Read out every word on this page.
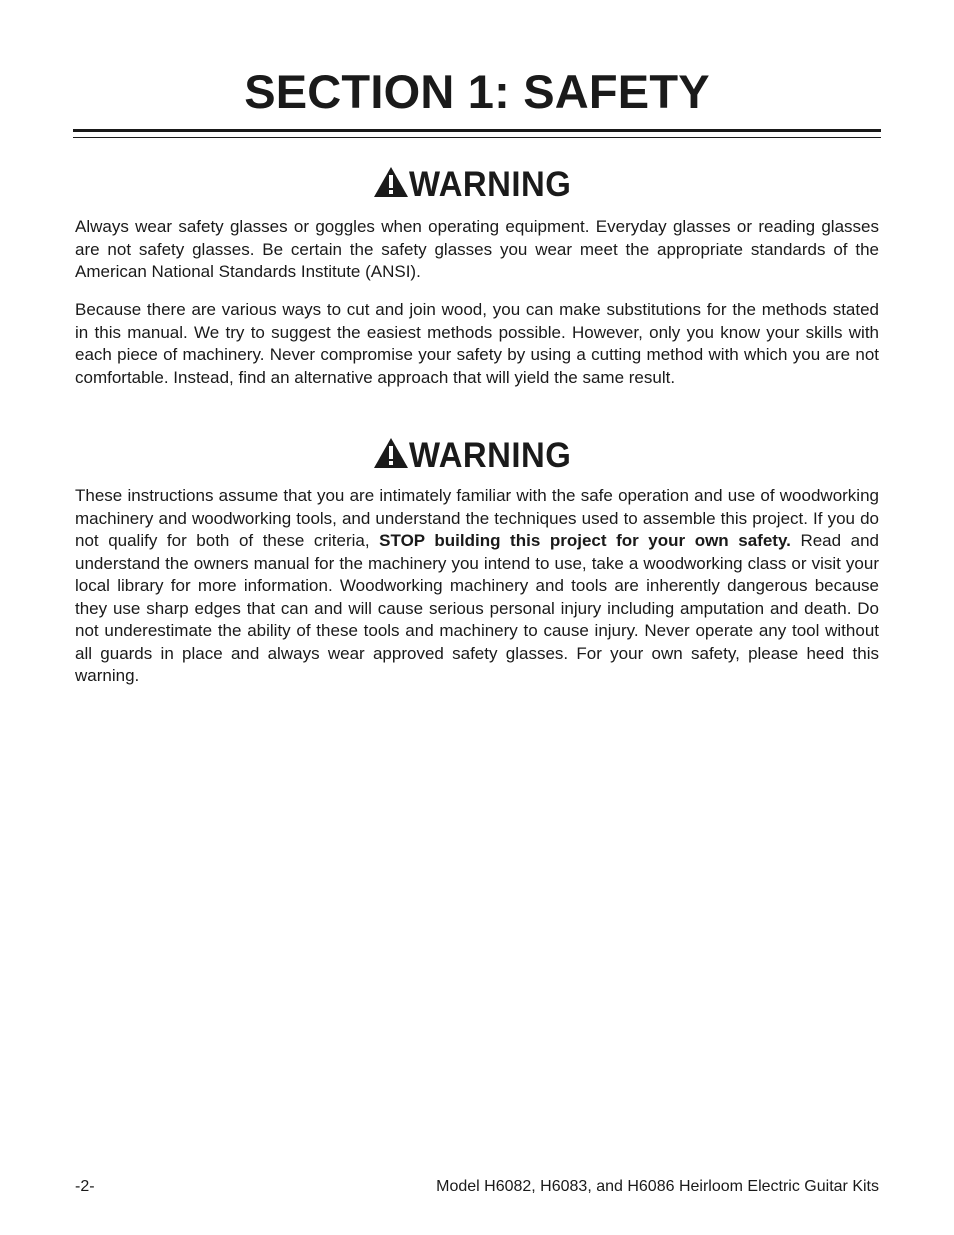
SECTION 1: SAFETY
WARNING

Always wear safety glasses or goggles when operating equipment. Everyday glasses or reading glasses are not safety glasses. Be certain the safety glasses you wear meet the appropriate standards of the American National Standards Institute (ANSI).

Because there are various ways to cut and join wood, you can make substitutions for the methods stated in this manual. We try to suggest the easiest methods possible. However, only you know your skills with each piece of machinery. Never compromise your safety by using a cutting method with which you are not comfortable. Instead, find an alternative approach that will yield the same result.

WARNING

These instructions assume that you are intimately familiar with the safe operation and use of woodworking machinery and woodworking tools, and understand the techniques used to assemble this project. If you do not qualify for both of these criteria, STOP building this project for your own safety. Read and understand the owners manual for the machinery you intend to use, take a woodworking class or visit your local library for more information. Woodworking machinery and tools are inherently dangerous because they use sharp edges that can and will cause serious personal injury including amputation and death. Do not underestimate the ability of these tools and machinery to cause injury. Never operate any tool without all guards in place and always wear approved safety glasses. For your own safety, please heed this warning.

-2-	Model H6082, H6083, and H6086 Heirloom Electric Guitar Kits
